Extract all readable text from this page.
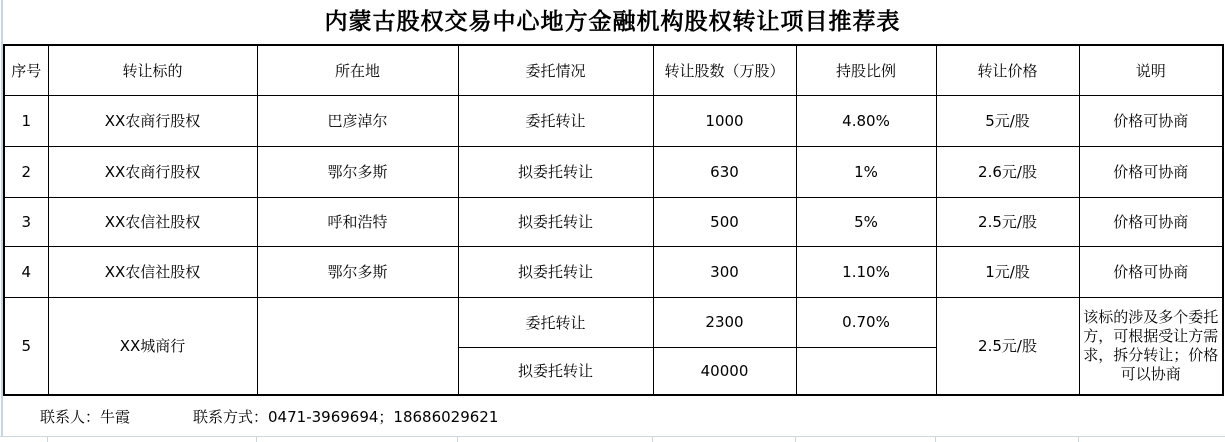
内蒙古股权交易中心地方金融机构股权转让项目推荐表
序号	转让标的	所在地	委托情况	转让股数（万股）	持股比例	转让价格	说明
1	XX农商行股权	巴彦淖尔	委托转让	1000	4.80%	5元/股	价格可协商
2	XX农商行股权	鄂尔多斯	拟委托转让	630	1%	2.6元/股	价格可协商
3	XX农信社股权	呼和浩特	拟委托转让	500	5%	2.5元/股	价格可协商
4	XX农信社股权	鄂尔多斯	拟委托转让	300	1.10%	1元/股	价格可协商
5	XX城商行		委托转让	2300	0.70%	2.5元/股	该标的涉及多个委托方，可根据受让方需求，拆分转让；价格可以协商
			拟委托转让	40000			
联系人：牛霞	联系方式：0471-3969694；18686029621
